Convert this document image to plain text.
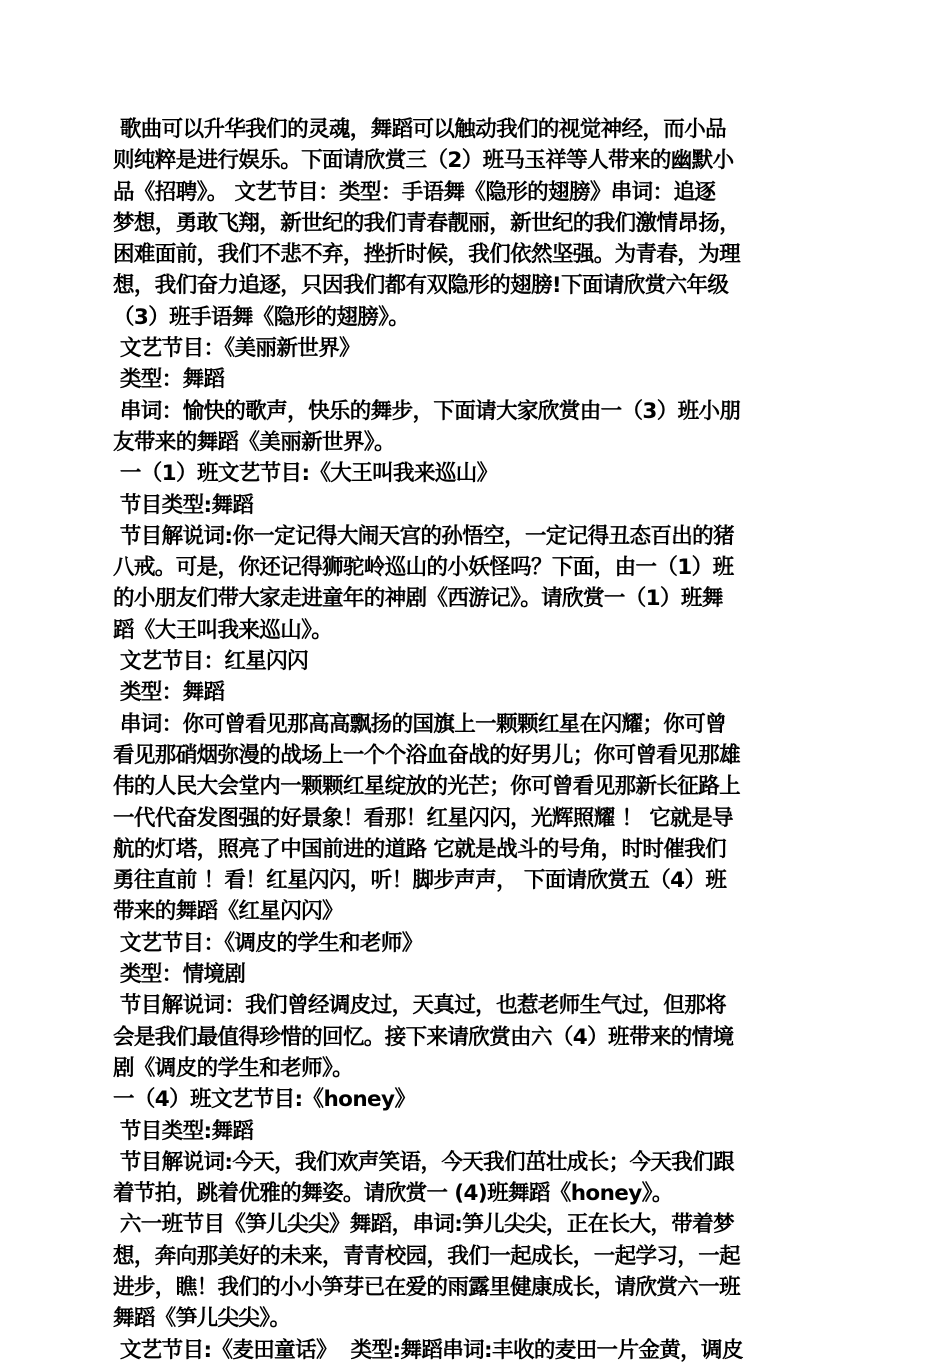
歌曲可以升华我们的灵魂，舞蹈可以触动我们的视觉神经，而小品
则纯粹是进行娱乐。下面请欣赏三（2）班马玉祥等人带来的幽默小
品《招聘》。 文艺节目：类型：手语舞《隐形的翅膀》串词：追逐
梦想，勇敢飞翔，新世纪的我们青春靓丽，新世纪的我们激情昂扬，
困难面前，我们不悲不弃，挫折时候，我们依然坚强。为青春，为理
想，我们奋力追逐，只因我们都有双隐形的翅膀!下面请欣赏六年级
（3）班手语舞《隐形的翅膀》。
文艺节目：《美丽新世界》
类型：舞蹈
串词：愉快的歌声，快乐的舞步，下面请大家欣赏由一（3）班小朋
友带来的舞蹈《美丽新世界》。
一（1）班文艺节目:《大王叫我来巡山》
节目类型:舞蹈
节目解说词:你一定记得大闹天宫的孙悟空，一定记得丑态百出的猪
八戒。可是，你还记得狮驼岭巡山的小妖怪吗？下面，由一（1）班
的小朋友们带大家走进童年的神剧《西游记》。请欣赏一（1）班舞
蹈《大王叫我来巡山》。
文艺节目：红星闪闪
类型：舞蹈
串词：你可曾看见那高高飘扬的国旗上一颗颗红星在闪耀；你可曾
看见那硝烟弥漫的战场上一个个浴血奋战的好男儿；你可曾看见那雄
伟的人民大会堂内一颗颗红星绽放的光芒；你可曾看见那新长征路上
一代代奋发图强的好景象！看那！红星闪闪，光辉照耀 ！ 它就是导
航的灯塔，照亮了中国前进的道路 它就是战斗的号角，时时催我们
勇往直前 ！看！红星闪闪，听！脚步声声， 下面请欣赏五（4）班
带来的舞蹈《红星闪闪》
文艺节目：《调皮的学生和老师》
类型：情境剧
节目解说词：我们曾经调皮过，天真过，也惹老师生气过，但那将
会是我们最值得珍惜的回忆。接下来请欣赏由六（4）班带来的情境
剧《调皮的学生和老师》。
一（4）班文艺节目:《honey》
节目类型:舞蹈
节目解说词:今天，我们欢声笑语，今天我们茁壮成长；今天我们跟
着节拍，跳着优雅的舞姿。请欣赏一 (4)班舞蹈《honey》。
六一班节目《笋儿尖尖》舞蹈，串词:笋儿尖尖，正在长大，带着梦
想，奔向那美好的未来，青青校园，我们一起成长，一起学习，一起
进步，瞧！我们的小小笋芽已在爱的雨露里健康成长，请欣赏六一班
舞蹈《笋儿尖尖》。
文艺节目:《麦田童话》  类型:舞蹈串词:丰收的麦田一片金黄，调皮
